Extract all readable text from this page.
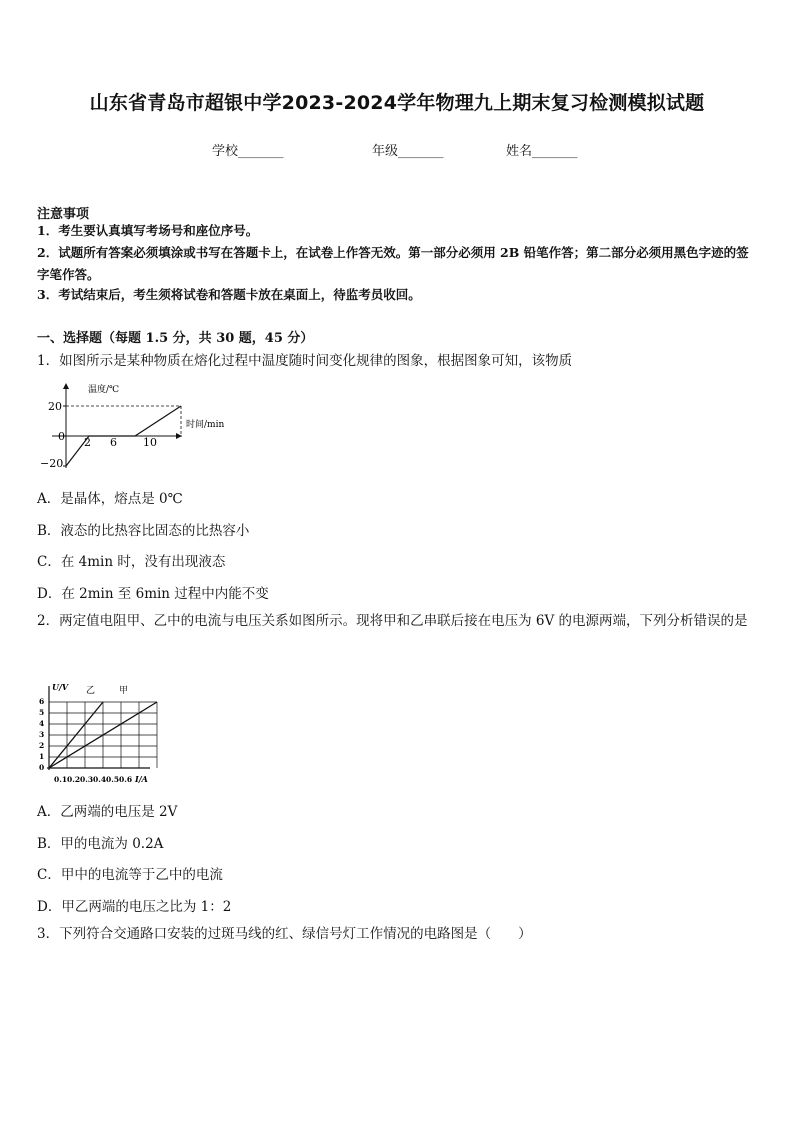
山东省青岛市超银中学2023-2024学年物理九上期末复习检测模拟试题
学校_______	年级_______	姓名_______
注意事项
1．考生要认真填写考场号和座位序号。
2．试题所有答案必须填涂或书写在答题卡上，在试卷上作答无效。第一部分必须用 2B 铅笔作答；第二部分必须用黑色字迹的签字笔作答。
3．考试结束后，考生须将试卷和答题卡放在桌面上，待监考员收回。
一、选择题（每题 1.5 分，共 30 题，45 分）
1．如图所示是某种物质在熔化过程中温度随时间变化规律的图象，根据图象可知，该物质
温度/℃
时间/min
20
0
−20
2 6 10
A．是晶体，熔点是 0℃
B．液态的比热容比固态的比热容小
C．在 4min 时，没有出现液态
D．在 2min 至 6min 过程中内能不变
2．两定值电阻甲、乙中的电流与电压关系如图所示。现将甲和乙串联后接在电压为 6V 的电源两端，下列分析错误的是
U/V
I/A
乙	甲
6
5
4
3
2
1
0
0.1 0.2 0.3 0.4 0.5 0.6
A．乙两端的电压是 2V
B．甲的电流为 0.2A
C．甲中的电流等于乙中的电流
D．甲乙两端的电压之比为 1：2
3．下列符合交通路口安装的过斑马线的红、绿信号灯工作情况的电路图是（　　）
